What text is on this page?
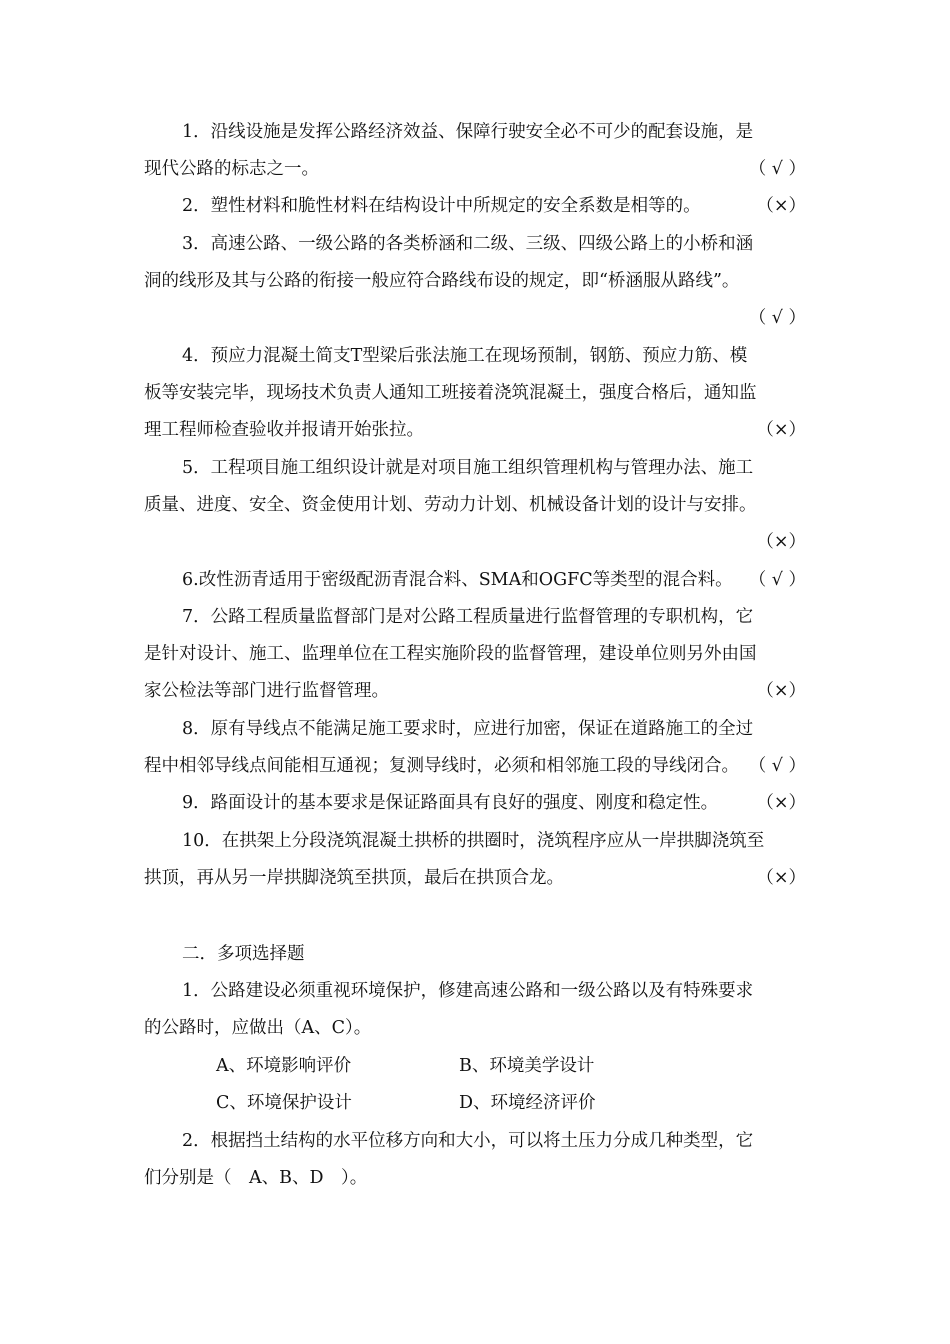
1．沿线设施是发挥公路经济效益、保障行驶安全必不可少的配套设施，是
现代公路的标志之一。	（ √ ）
2．塑性材料和脆性材料在结构设计中所规定的安全系数是相等的。	（×）
3．高速公路、一级公路的各类桥涵和二级、三级、四级公路上的小桥和涵
洞的线形及其与公路的衔接一般应符合路线布设的规定，即“桥涵服从路线”。
（ √ ）
4．预应力混凝土简支T型梁后张法施工在现场预制，钢筋、预应力筋、模
板等安装完毕，现场技术负责人通知工班接着浇筑混凝土，强度合格后，通知监
理工程师检查验收并报请开始张拉。	（×）
5．工程项目施工组织设计就是对项目施工组织管理机构与管理办法、施工
质量、进度、安全、资金使用计划、劳动力计划、机械设备计划的设计与安排。
（×）
6.改性沥青适用于密级配沥青混合料、SMA和OGFC等类型的混合料。 （ √ ）
7．公路工程质量监督部门是对公路工程质量进行监督管理的专职机构，它
是针对设计、施工、监理单位在工程实施阶段的监督管理，建设单位则另外由国
家公检法等部门进行监督管理。	（×）
8．原有导线点不能满足施工要求时，应进行加密，保证在道路施工的全过
程中相邻导线点间能相互通视；复测导线时，必须和相邻施工段的导线闭合。 （ √ ）
9．路面设计的基本要求是保证路面具有良好的强度、刚度和稳定性。 （×）
10．在拱架上分段浇筑混凝土拱桥的拱圈时，浇筑程序应从一岸拱脚浇筑至
拱顶，再从另一岸拱脚浇筑至拱顶，最后在拱顶合龙。	（×）
二．多项选择题
1．公路建设必须重视环境保护，修建高速公路和一级公路以及有特殊要求
的公路时，应做出（A、C）。
A、环境影响评价	B、环境美学设计
C、环境保护设计	D、环境经济评价
2．根据挡土结构的水平位移方向和大小，可以将土压力分成几种类型，它
们分别是（　A、B、D　）。
